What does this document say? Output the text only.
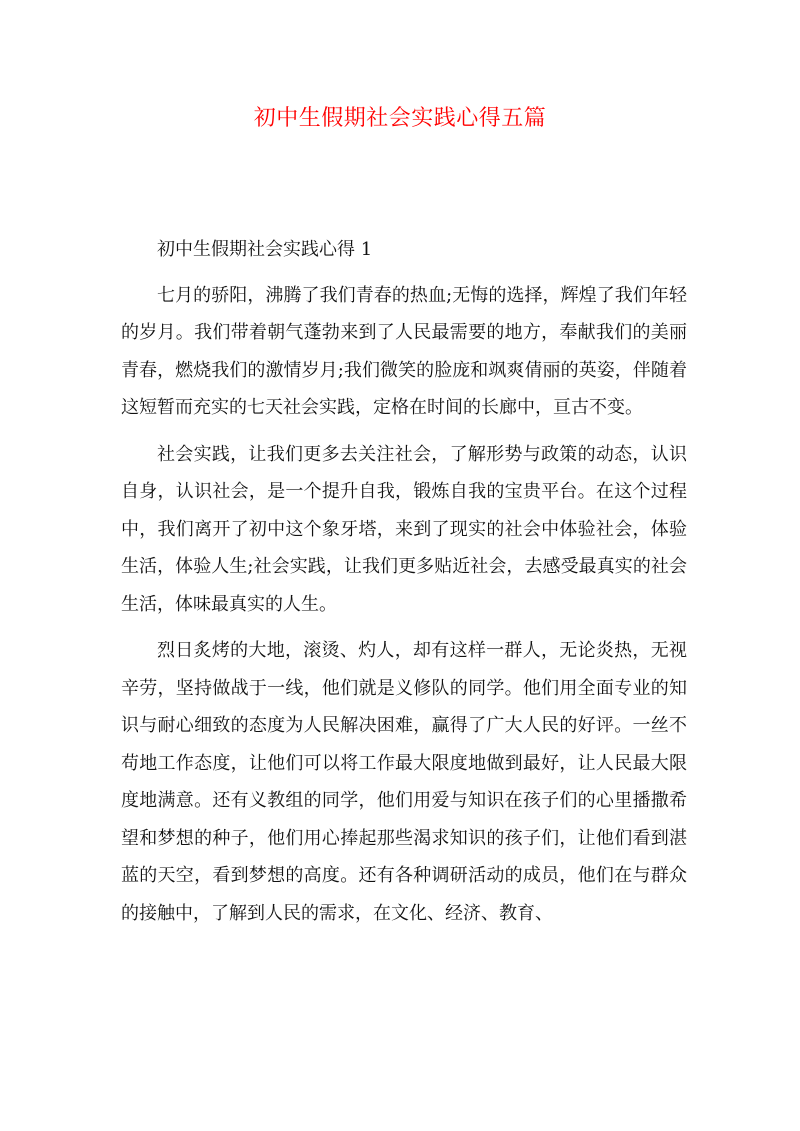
初中生假期社会实践心得五篇

初中生假期社会实践心得 1

七月的骄阳，沸腾了我们青春的热血;无悔的选择，辉煌了我们年轻的岁月。我们带着朝气蓬勃来到了人民最需要的地方，奉献我们的美丽青春，燃烧我们的激情岁月;我们微笑的脸庞和飒爽倩丽的英姿，伴随着这短暂而充实的七天社会实践，定格在时间的长廊中，亘古不变。

社会实践，让我们更多去关注社会，了解形势与政策的动态，认识自身，认识社会，是一个提升自我，锻炼自我的宝贵平台。在这个过程中，我们离开了初中这个象牙塔，来到了现实的社会中体验社会，体验生活，体验人生;社会实践，让我们更多贴近社会，去感受最真实的社会生活，体味最真实的人生。

烈日炙烤的大地，滚烫、灼人，却有这样一群人，无论炎热，无视辛劳，坚持做战于一线，他们就是义修队的同学。他们用全面专业的知识与耐心细致的态度为人民解决困难，赢得了广大人民的好评。一丝不苟地工作态度，让他们可以将工作最大限度地做到最好，让人民最大限度地满意。还有义教组的同学，他们用爱与知识在孩子们的心里播撒希望和梦想的种子，他们用心捧起那些渴求知识的孩子们，让他们看到湛蓝的天空，看到梦想的高度。还有各种调研活动的成员，他们在与群众的接触中，了解到人民的需求，在文化、经济、教育、
